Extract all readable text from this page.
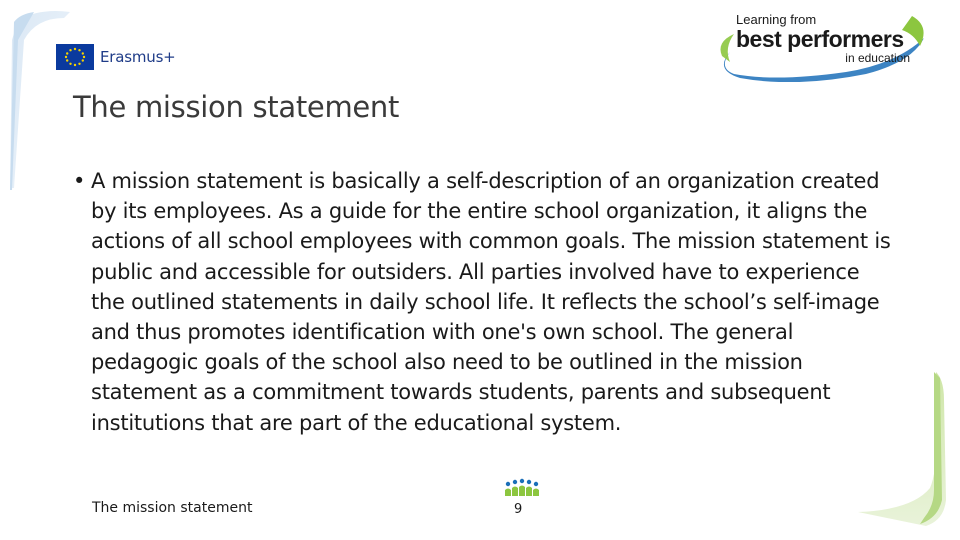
Erasmus+
Learning from
best performers
in education
The mission statement
• A mission statement is basically a self-description of an organization created by its employees. As a guide for the entire school organization, it aligns the actions of all school employees with common goals. The mission statement is public and accessible for outsiders. All parties involved have to experience the outlined statements in daily school life. It reflects the school’s self-image and thus promotes identification with one's own school. The general pedagogic goals of the school also need to be outlined in the mission statement as a commitment towards students, parents and subsequent institutions that are part of the educational system.
The mission statement	9
